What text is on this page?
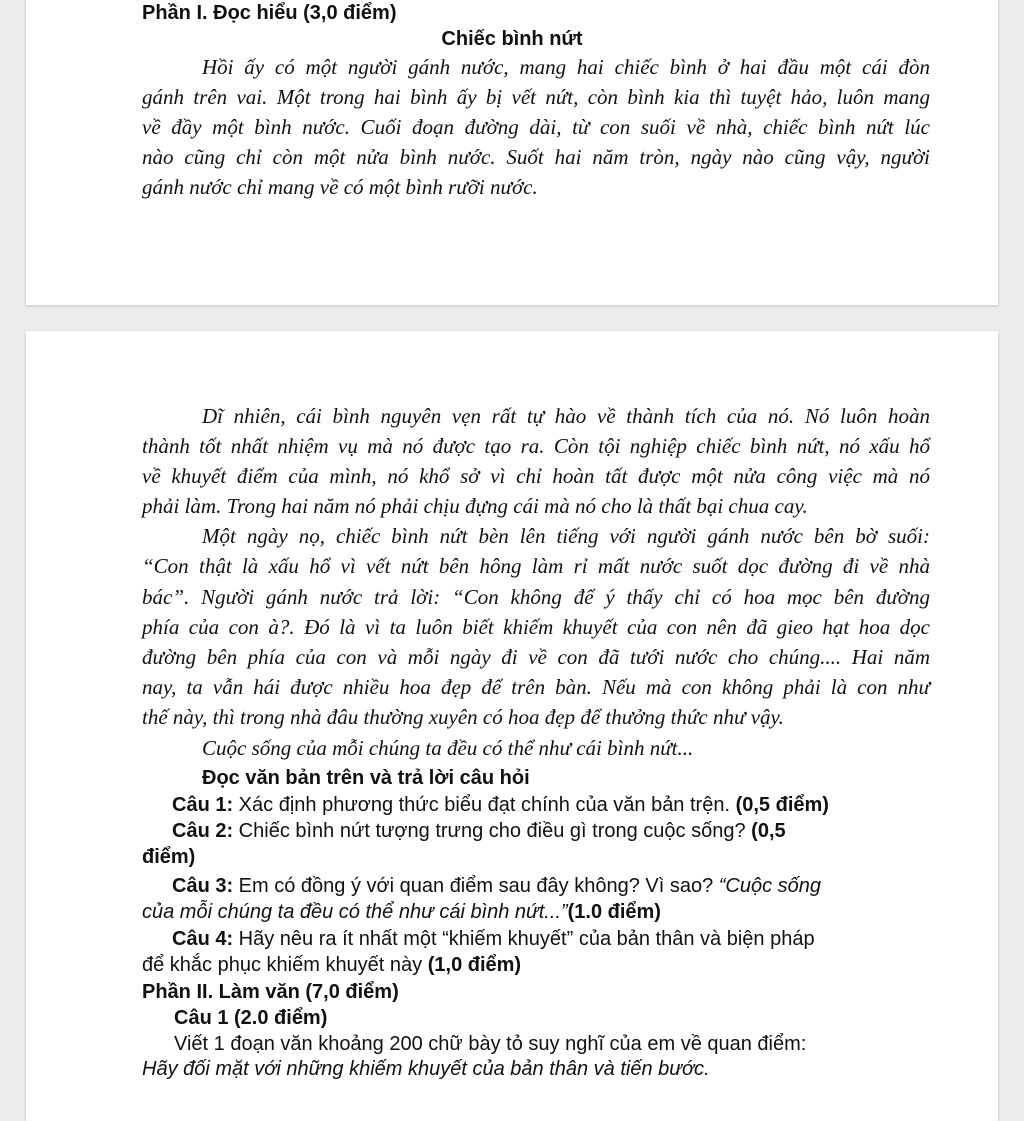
Phần I. Đọc hiểu (3,0 điểm)
Chiếc bình nứt
Hồi ấy có một người gánh nước, mang hai chiếc bình ở hai đầu một cái đòn
gánh trên vai. Một trong hai bình ấy bị vết nứt, còn bình kia thì tuyệt hảo, luôn mang
về đầy một bình nước. Cuối đoạn đường dài, từ con suối về nhà, chiếc bình nứt lúc
nào cũng chỉ còn một nửa bình nước. Suốt hai năm tròn, ngày nào cũng vậy, người
gánh nước chỉ mang về có một bình rưỡi nước.
Dĩ nhiên, cái bình nguyên vẹn rất tự hào về thành tích của nó. Nó luôn hoàn
thành tốt nhất nhiệm vụ mà nó được tạo ra. Còn tội nghiệp chiếc bình nứt, nó xấu hổ
về khuyết điểm của mình, nó khổ sở vì chỉ hoàn tất được một nửa công việc mà nó
phải làm. Trong hai năm nó phải chịu đựng cái mà nó cho là thất bại chua cay.
Một ngày nọ, chiếc bình nứt bèn lên tiếng với người gánh nước bên bờ suối:
“Con thật là xấu hổ vì vết nứt bên hông làm rỉ mất nước suốt dọc đường đi về nhà
bác”. Người gánh nước trả lời: “Con không để ý thấy chỉ có hoa mọc bên đường
phía của con à?. Đó là vì ta luôn biết khiếm khuyết của con nên đã gieo hạt hoa dọc
đường bên phía của con và mỗi ngày đi về con đã tưới nước cho chúng.... Hai năm
nay, ta vẫn hái được nhiều hoa đẹp để trên bàn. Nếu mà con không phải là con như
thế này, thì trong nhà đâu thường xuyên có hoa đẹp để thưởng thức như vậy.
Cuộc sống của mỗi chúng ta đều có thể như cái bình nứt...
Đọc văn bản trên và trả lời câu hỏi
Câu 1: Xác định phương thức biểu đạt chính của văn bản trện. (0,5 điểm)
Câu 2: Chiếc bình nứt tượng trưng cho điều gì trong cuộc sống? (0,5
điểm)
Câu 3: Em có đồng ý với quan điểm sau đây không? Vì sao? “Cuộc sống
của mỗi chúng ta đều có thể như cái bình nứt...”(1.0 điểm)
Câu 4: Hãy nêu ra ít nhất một “khiếm khuyết” của bản thân và biện pháp
để khắc phục khiếm khuyết này (1,0 điểm)
Phần II. Làm văn (7,0 điểm)
Câu 1 (2.0 điểm)
Viết 1 đoạn văn khoảng 200 chữ bày tỏ suy nghĩ của em về quan điểm:
Hãy đối mặt với những khiếm khuyết của bản thân và tiến bước.
